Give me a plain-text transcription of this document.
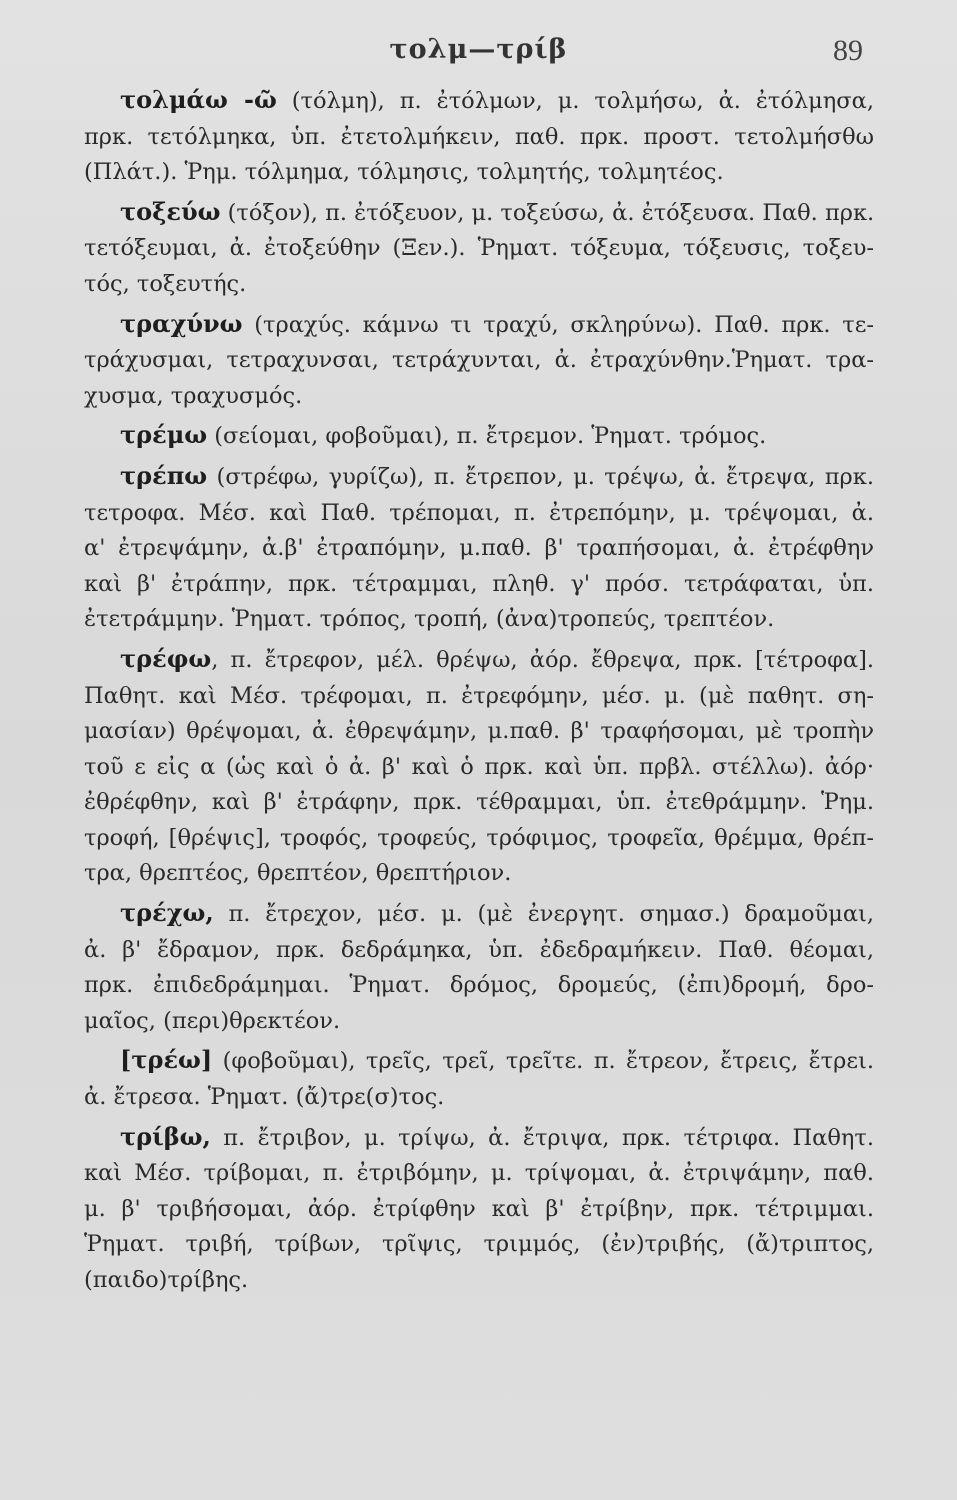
τολμ—τρίβ	89
τολμάω -ῶ (τόλμη), π. ἐτόλμων, μ. τολμήσω, ἀ. ἐτόλμησα,
πρκ. τετόλμηκα, ὑπ. ἐτετολμήκειν, παθ. πρκ. προστ. τετολμήσθω
(Πλάτ.). Ῥημ. τόλμημα, τόλμησις, τολμητής, τολμητέος.
τοξεύω (τόξον), π. ἐτόξευον, μ. τοξεύσω, ἀ. ἐτόξευσα. Παθ. πρκ.
τετόξευμαι, ἀ. ἐτοξεύθην (Ξεν.). Ῥηματ. τόξευμα, τόξευσις, τοξευ-
τός, τοξευτής.
τραχύνω (τραχύς. κάμνω τι τραχύ, σκληρύνω). Παθ. πρκ. τε-
τράχυσμαι, τετραχυνσαι, τετράχυνται, ἀ. ἐτραχύνθην.Ῥηματ. τρα-
χυσμα, τραχυσμός.
τρέμω (σείομαι, φοβοῦμαι), π. ἔτρεμον. Ῥηματ. τρόμος.
τρέπω (στρέφω, γυρίζω), π. ἔτρεπον, μ. τρέψω, ἀ. ἔτρεψα, πρκ.
τετροφα. Μέσ. καὶ Παθ. τρέπομαι, π. ἐτρεπόμην, μ. τρέψομαι, ἀ.
α' ἐτρεψάμην, ἀ.β' ἐτραπόμην, μ.παθ. β' τραπήσομαι, ἀ. ἐτρέφθην
καὶ β' ἐτράπην, πρκ. τέτραμμαι, πληθ. γ' πρόσ. τετράφαται, ὑπ.
ἐτετράμμην. Ῥηματ. τρόπος, τροπή, (ἀνα)τροπεύς, τρεπτέον.
τρέφω, π. ἔτρεφον, μέλ. θρέψω, ἀόρ. ἔθρεψα, πρκ. [τέτροφα].
Παθητ. καὶ Μέσ. τρέφομαι, π. ἐτρεφόμην, μέσ. μ. (μὲ παθητ. ση-
μασίαν) θρέψομαι, ἀ. ἐθρεψάμην, μ.παθ. β' τραφήσομαι, μὲ τροπὴν
τοῦ ε εἰς α (ὡς καὶ ὁ ἀ. β' καὶ ὁ πρκ. καὶ ὑπ. πρβλ. στέλλω). ἀόρ·
ἐθρέφθην, καὶ β' ἐτράφην, πρκ. τέθραμμαι, ὑπ. ἐτεθράμμην. Ῥημ.
τροφή, [θρέψις], τροφός, τροφεύς, τρόφιμος, τροφεῖα, θρέμμα, θρέπ-
τρα, θρεπτέος, θρεπτέον, θρεπτήριον.
τρέχω, π. ἔτρεχον, μέσ. μ. (μὲ ἐνεργητ. σημασ.) δραμοῦμαι,
ἀ. β' ἔδραμον, πρκ. δεδράμηκα, ὑπ. ἐδεδραμήκειν. Παθ. θέομαι,
πρκ. ἐπιδεδράμημαι. Ῥηματ. δρόμος, δρομεύς, (ἐπι)δρομή, δρο-
μαῖος, (περι)θρεκτέον.
[τρέω] (φοβοῦμαι), τρεῖς, τρεῖ, τρεῖτε. π. ἔτρεον, ἔτρεις, ἔτρει.
ἀ. ἔτρεσα. Ῥηματ. (ἄ)τρε(σ)τος.
τρίβω, π. ἔτριβον, μ. τρίψω, ἀ. ἔτριψα, πρκ. τέτριφα. Παθητ.
καὶ Μέσ. τρίβομαι, π. ἐτριβόμην, μ. τρίψομαι, ἀ. ἐτριψάμην, παθ.
μ. β' τριβήσομαι, ἀόρ. ἐτρίφθην καὶ β' ἐτρίβην, πρκ. τέτριμμαι.
Ῥηματ. τριβή, τρίβων, τρῖψις, τριμμός, (ἐν)τριβής, (ἄ)τριπτος,
(παιδο)τρίβης.
